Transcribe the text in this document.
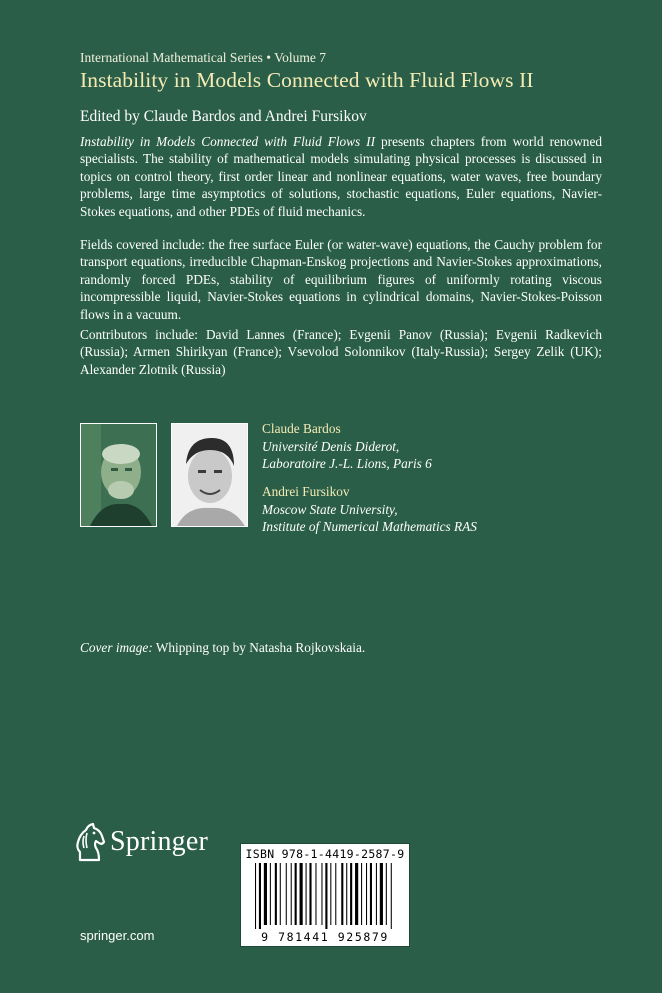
International Mathematical Series • Volume 7
Instability in Models Connected with Fluid Flows II
Edited by Claude Bardos and Andrei Fursikov
Instability in Models Connected with Fluid Flows II presents chapters from world renowned specialists. The stability of mathematical models simulating physical processes is discussed in topics on control theory, first order linear and nonlinear equations, water waves, free boundary problems, large time asymptotics of solutions, stochastic equations, Euler equations, Navier-Stokes equations, and other PDEs of fluid mechanics.
Fields covered include: the free surface Euler (or water-wave) equations, the Cauchy problem for transport equations, irreducible Chapman-Enskog projections and Navier-Stokes approximations, randomly forced PDEs, stability of equilibrium figures of uniformly rotating viscous incompressible liquid, Navier-Stokes equations in cylindrical domains, Navier-Stokes-Poisson flows in a vacuum.
Contributors include: David Lannes (France); Evgenii Panov (Russia); Evgenii Radkevich (Russia); Armen Shirikyan (France); Vsevolod Solonnikov (Italy-Russia); Sergey Zelik (UK); Alexander Zlotnik (Russia)
Claude Bardos
Université Denis Diderot,
Laboratoire J.-L. Lions, Paris 6
Andrei Fursikov
Moscow State University,
Institute of Numerical Mathematics RAS
Cover image: Whipping top by Natasha Rojkovskaia.
Springer
springer.com
ISBN 978-1-4419-2587-9
9 781441 925879
